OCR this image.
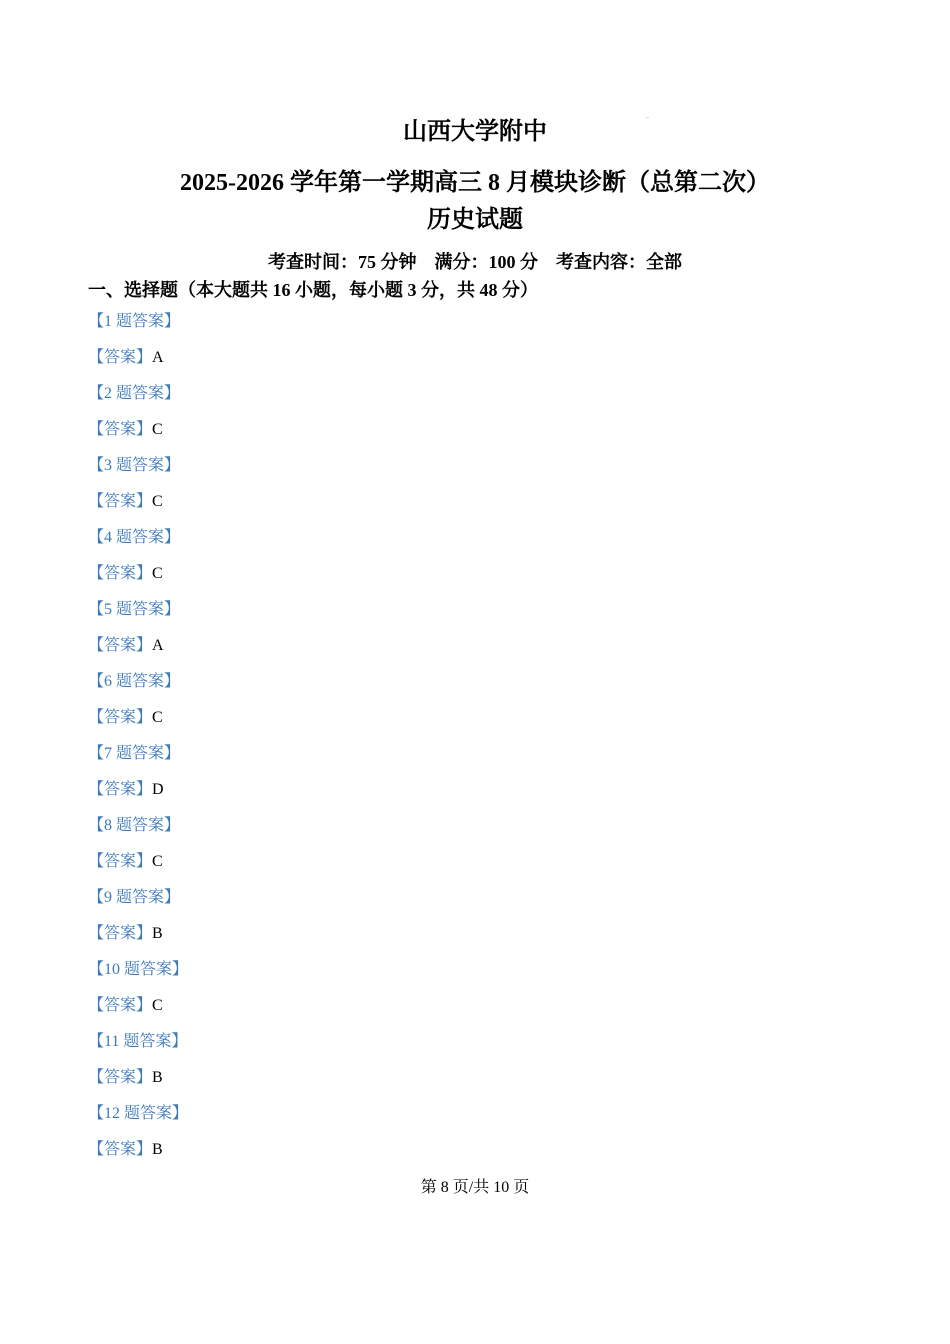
山西大学附中
2025-2026 学年第一学期高三 8 月模块诊断（总第二次）
历史试题
考查时间：75 分钟 满分：100 分 考查内容：全部
一、选择题（本大题共 16 小题，每小题 3 分，共 48 分）
【1 题答案】
【答案】A
【2 题答案】
【答案】C
【3 题答案】
【答案】C
【4 题答案】
【答案】C
【5 题答案】
【答案】A
【6 题答案】
【答案】C
【7 题答案】
【答案】D
【8 题答案】
【答案】C
【9 题答案】
【答案】B
【10 题答案】
【答案】C
【11 题答案】
【答案】B
【12 题答案】
【答案】B
第 8 页/共 10 页
